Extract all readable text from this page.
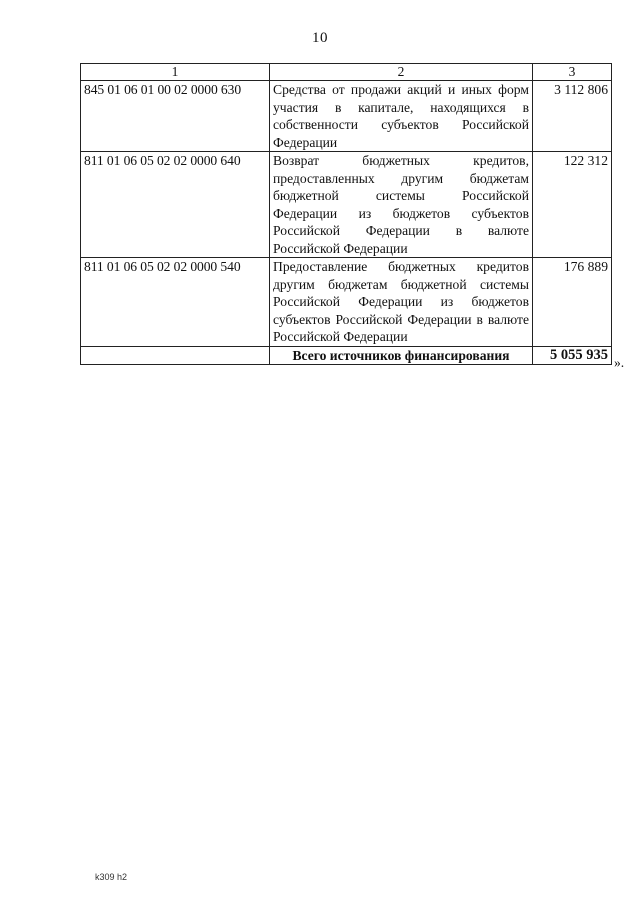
10
1	2	3
845 01 06 01 00 02 0000 630	Средства от продажи акций и иных форм участия в капитале, находящихся в собственности субъектов Российской Федерации	3 112 806
811 01 06 05 02 02 0000 640	Возврат бюджетных кредитов, предоставленных другим бюджетам бюджетной системы Российской Федерации из бюджетов субъектов Российской Федерации в валюте Российской Федерации	122 312
811 01 06 05 02 02 0000 540	Предоставление бюджетных кредитов другим бюджетам бюджетной системы Российской Федерации из бюджетов субъектов Российской Федерации в валюте Российской Федерации	176 889
	Всего источников финансирования	5 055 935 ».
k309 h2
